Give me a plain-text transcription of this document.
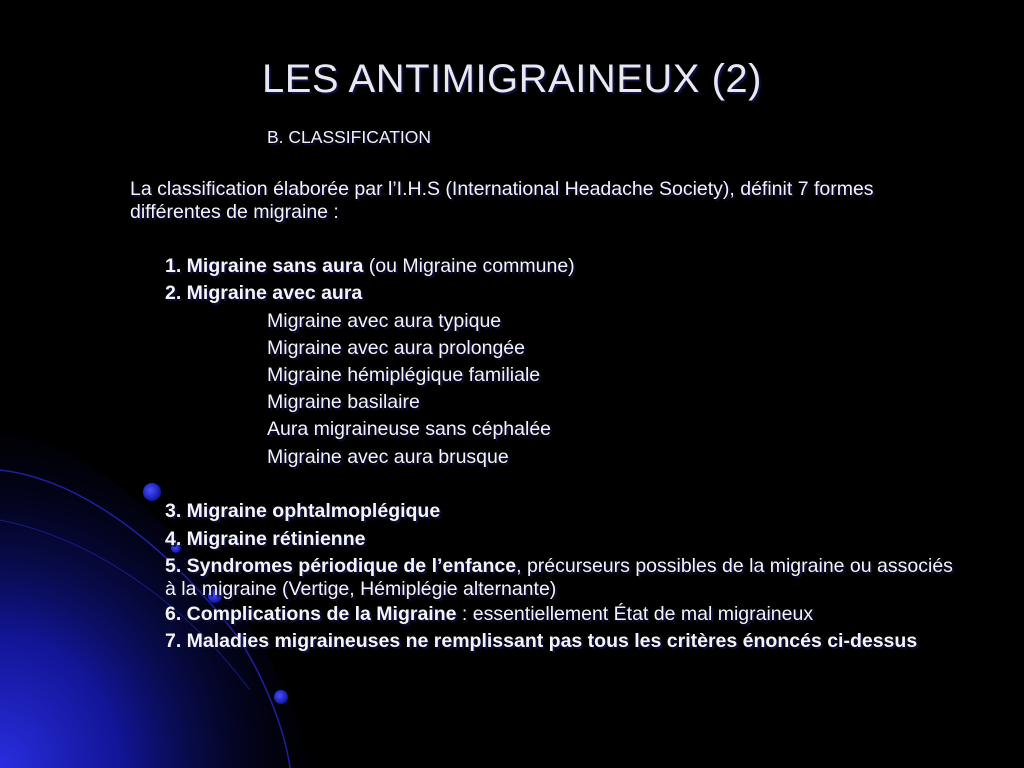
LES ANTIMIGRAINEUX (2)
B. CLASSIFICATION
La classification élaborée par l’I.H.S (International Headache Society), définit 7 formes différentes de migraine :
1. Migraine sans aura (ou Migraine commune)
2. Migraine avec aura
Migraine avec aura typique
Migraine avec aura prolongée
Migraine hémiplégique familiale
Migraine basilaire
Aura migraineuse sans céphalée
Migraine avec aura brusque
3. Migraine ophtalmoplégique
4. Migraine rétinienne
5. Syndromes périodique de l’enfance, précurseurs possibles de la migraine ou associés à la migraine (Vertige, Hémiplégie alternante)
6. Complications de la Migraine : essentiellement État de mal migraineux
7. Maladies migraineuses ne remplissant pas tous les critères énoncés ci-dessus
